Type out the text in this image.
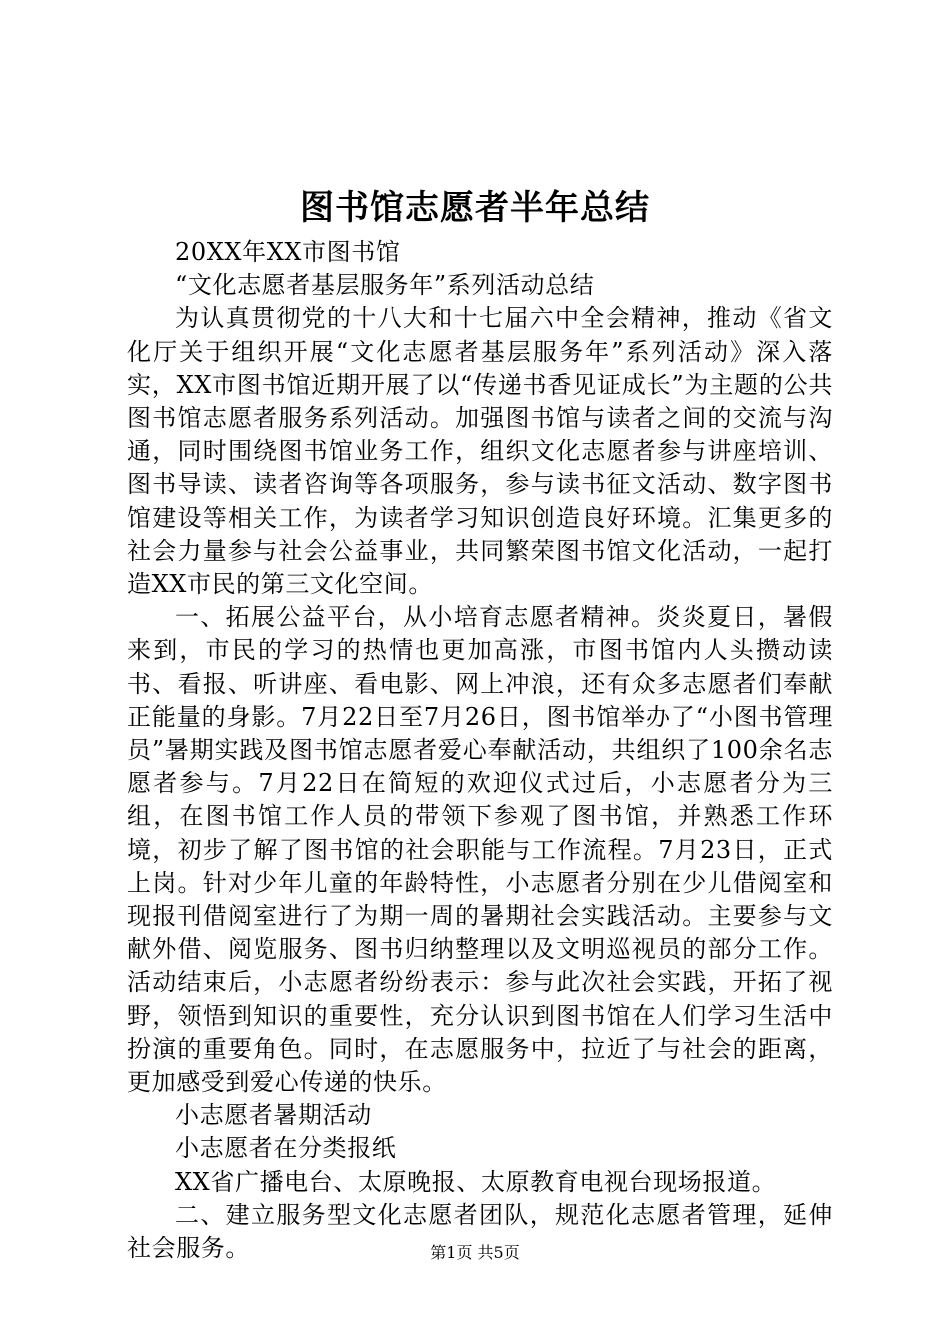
图书馆志愿者半年总结

20XX年XX市图书馆

“文化志愿者基层服务年”系列活动总结

为认真贯彻党的十八大和十七届六中全会精神，推动《省文化厅关于组织开展“文化志愿者基层服务年”系列活动》深入落实，XX市图书馆近期开展了以“传递书香见证成长”为主题的公共图书馆志愿者服务系列活动。加强图书馆与读者之间的交流与沟通，同时围绕图书馆业务工作，组织文化志愿者参与讲座培训、图书导读、读者咨询等各项服务，参与读书征文活动、数字图书馆建设等相关工作，为读者学习知识创造良好环境。汇集更多的社会力量参与社会公益事业，共同繁荣图书馆文化活动，一起打造XX市民的第三文化空间。

一、拓展公益平台，从小培育志愿者精神。炎炎夏日，暑假来到，市民的学习的热情也更加高涨，市图书馆内人头攒动读书、看报、听讲座、看电影、网上冲浪，还有众多志愿者们奉献正能量的身影。7月22日至7月26日，图书馆举办了“小图书管理员”暑期实践及图书馆志愿者爱心奉献活动，共组织了100余名志愿者参与。7月22日在简短的欢迎仪式过后，小志愿者分为三组，在图书馆工作人员的带领下参观了图书馆，并熟悉工作环境，初步了解了图书馆的社会职能与工作流程。7月23日，正式上岗。针对少年儿童的年龄特性，小志愿者分别在少儿借阅室和现报刊借阅室进行了为期一周的暑期社会实践活动。主要参与文献外借、阅览服务、图书归纳整理以及文明巡视员的部分工作。活动结束后，小志愿者纷纷表示：参与此次社会实践，开拓了视野，领悟到知识的重要性，充分认识到图书馆在人们学习生活中扮演的重要角色。同时，在志愿服务中，拉近了与社会的距离，更加感受到爱心传递的快乐。

小志愿者暑期活动

小志愿者在分类报纸

XX省广播电台、太原晚报、太原教育电视台现场报道。

二、建立服务型文化志愿者团队，规范化志愿者管理，延伸社会服务。	第1页 共5页
